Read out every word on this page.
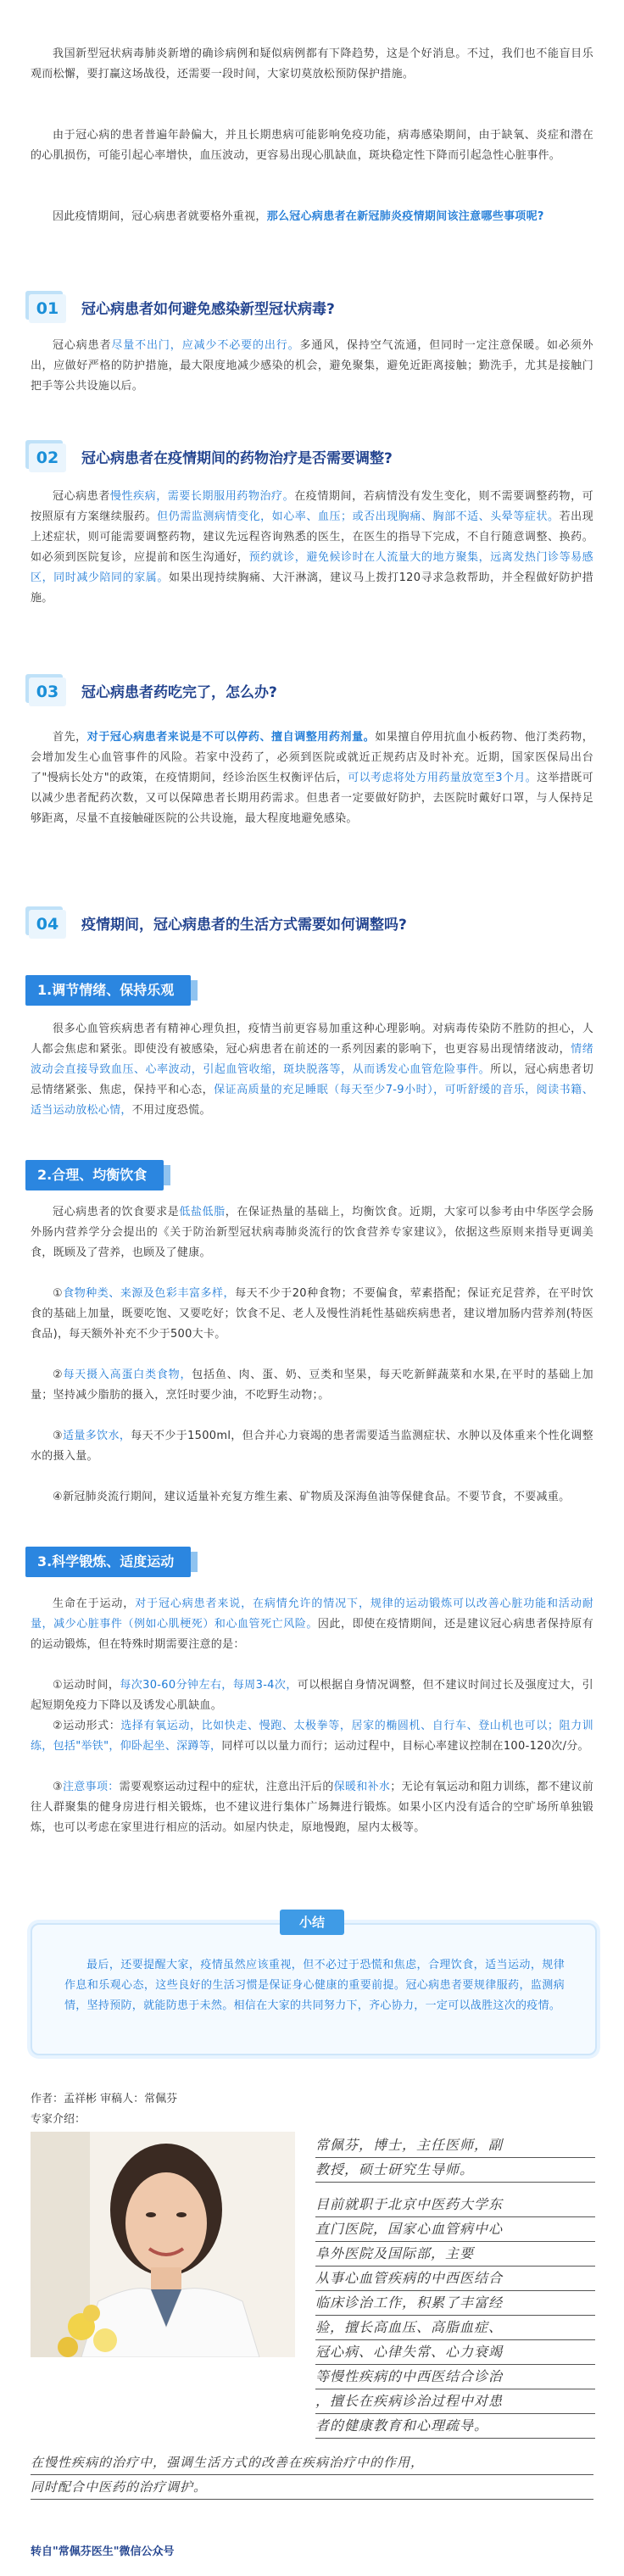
我国新型冠状病毒肺炎新增的确诊病例和疑似病例都有下降趋势，这是个好消息。不过，我们也不能盲目乐观而松懈，要打赢这场战役，还需要一段时间，大家切莫放松预防保护措施。

由于冠心病的患者普遍年龄偏大，并且长期患病可能影响免疫功能，病毒感染期间，由于缺氧、炎症和潜在的心肌损伤，可能引起心率增快，血压波动，更容易出现心肌缺血，斑块稳定性下降而引起急性心脏事件。

因此疫情期间，冠心病患者就要格外重视，那么冠心病患者在新冠肺炎疫情期间该注意哪些事项呢?

01	冠心病患者如何避免感染新型冠状病毒?

冠心病患者尽量不出门，应减少不必要的出行。多通风，保持空气流通，但同时一定注意保暖。如必须外出，应做好严格的防护措施，最大限度地减少感染的机会，避免聚集，避免近距离接触；勤洗手，尤其是接触门把手等公共设施以后。

02	冠心病患者在疫情期间的药物治疗是否需要调整?

冠心病患者慢性疾病，需要长期服用药物治疗。在疫情期间，若病情没有发生变化，则不需要调整药物，可按照原有方案继续服药。但仍需监测病情变化，如心率、血压；或否出现胸痛、胸部不适、头晕等症状。若出现上述症状，则可能需要调整药物，建议先远程咨询熟悉的医生，在医生的指导下完成，不自行随意调整、换药。如必须到医院复诊，应提前和医生沟通好，预约就诊，避免候诊时在人流量大的地方聚集，远离发热门诊等易感区，同时减少陪同的家属。如果出现持续胸痛、大汗淋漓，建议马上拨打120寻求急救帮助，并全程做好防护措施。

03	冠心病患者药吃完了，怎么办?

首先，对于冠心病患者来说是不可以停药、擅自调整用药剂量。如果擅自停用抗血小板药物、他汀类药物，会增加发生心血管事件的风险。若家中没药了，必须到医院或就近正规药店及时补充。近期，国家医保局出台了"慢病长处方"的政策，在疫情期间，经诊治医生权衡评估后，可以考虑将处方用药量放宽至3个月。这举措既可以减少患者配药次数，又可以保障患者长期用药需求。但患者一定要做好防护，去医院时戴好口罩，与人保持足够距离，尽量不直接触碰医院的公共设施，最大程度地避免感染。

04	疫情期间，冠心病患者的生活方式需要如何调整吗?
1.调节情绪、保持乐观

很多心血管疾病患者有精神心理负担，疫情当前更容易加重这种心理影响。对病毒传染防不胜防的担心，人人都会焦虑和紧张。即使没有被感染，冠心病患者在前述的一系列因素的影响下，也更容易出现情绪波动，情绪波动会直接导致血压、心率波动，引起血管收缩，斑块脱落等，从而诱发心血管危险事件。所以，冠心病患者切忌情绪紧张、焦虑，保持平和心态，保证高质量的充足睡眠（每天至少7-9小时），可听舒缓的音乐，阅读书籍、适当运动放松心情，不用过度恐慌。

2.合理、均衡饮食

冠心病患者的饮食要求是低盐低脂，在保证热量的基础上，均衡饮食。近期，大家可以参考由中华医学会肠外肠内营养学分会提出的《关于防治新型冠状病毒肺炎流行的饮食营养专家建议》，依据这些原则来指导更调美食，既顾及了营养，也顾及了健康。

①食物种类、来源及色彩丰富多样，每天不少于20种食物；不要偏食，荤素搭配；保证充足营养，在平时饮食的基础上加量，既要吃饱、又要吃好；饮食不足、老人及慢性消耗性基础疾病患者，建议增加肠内营养剂(特医食品)，每天额外补充不少于500大卡。

②每天摄入高蛋白类食物，包括鱼、肉、蛋、奶、豆类和坚果，每天吃新鲜蔬菜和水果,在平时的基础上加量；坚持减少脂肪的摄入，烹饪时要少油，不吃野生动物；。

③适量多饮水，每天不少于1500ml，但合并心力衰竭的患者需要适当监测症状、水肿以及体重来个性化调整水的摄入量。

④新冠肺炎流行期间，建议适量补充复方维生素、矿物质及深海鱼油等保健食品。不要节食，不要减重。

3.科学锻炼、适度运动

生命在于运动，对于冠心病患者来说，在病情允许的情况下，规律的运动锻炼可以改善心脏功能和活动耐量，减少心脏事件（例如心肌梗死）和心血管死亡风险。因此，即使在疫情期间，还是建议冠心病患者保持原有的运动锻炼，但在特殊时期需要注意的是：

①运动时间，每次30-60分钟左右，每周3-4次，可以根据自身情况调整，但不建议时间过长及强度过大，引起短期免疫力下降以及诱发心肌缺血。

②运动形式：选择有氧运动，比如快走、慢跑、太极拳等，居家的椭圆机、自行车、登山机也可以；阻力训练，包括"举铁"，仰卧起坐、深蹲等，同样可以以量力而行；运动过程中，目标心率建议控制在100-120次/分。

③注意事项：需要观察运动过程中的症状，注意出汗后的保暖和补水；无论有氧运动和阻力训练，都不建议前往人群聚集的健身房进行相关锻炼，也不建议进行集体广场舞进行锻炼。如果小区内没有适合的空旷场所单独锻炼，也可以考虑在家里进行相应的活动。如屋内快走，原地慢跑，屋内太极等。

最后，还要提醒大家，疫情虽然应该重视，但不必过于恐慌和焦虑，合理饮食，适当运动，规律作息和乐观心态，这些良好的生活习惯是保证身心健康的重要前提。冠心病患者要规律服药，监测病情，坚持预防，就能防患于未然。相信在大家的共同努力下，齐心协力，一定可以战胜这次的疫情。

小结
作者：孟祥彬 审稿人：常佩芬
专家介绍：
常佩芬，博士，主任医师，副
教授，硕士研究生导师。
目前就职于北京中医药大学东
直门医院，国家心血管病中心
阜外医院及国际部，主要
从事心血管疾病的中西医结合
临床诊治工作，积累了丰富经
验，擅长高血压、高脂血症、
冠心病、心律失常、心力衰竭
等慢性疾病的中西医结合诊治
，擅长在疾病诊治过程中对患
者的健康教育和心理疏导。
在慢性疾病的治疗中，强调生活方式的改善在疾病治疗中的作用，
同时配合中医药的治疗调护。
转自"常佩芬医生"微信公众号
